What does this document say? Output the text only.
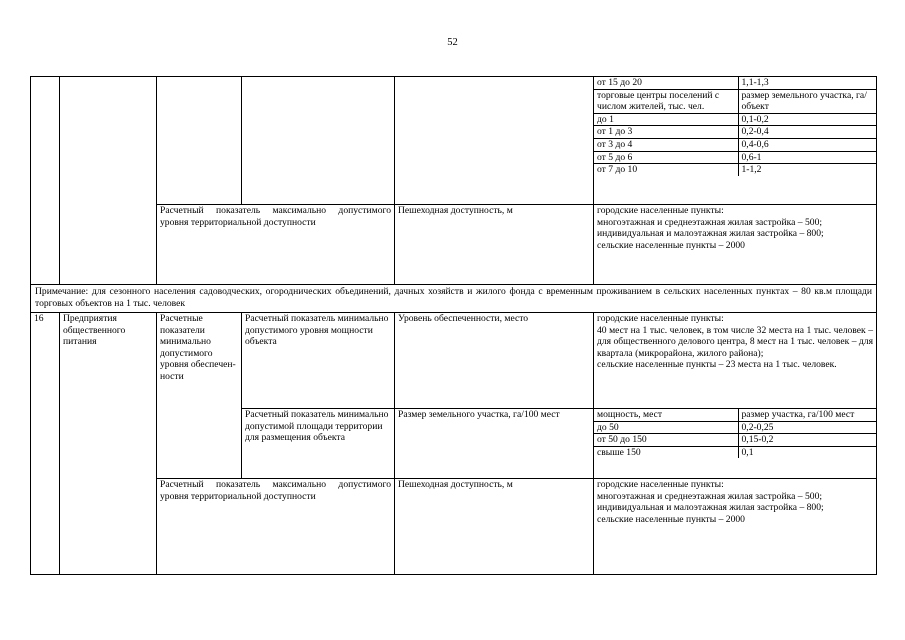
52

от 15 до 20	1,1-1,3
торговые центры поселений с числом жителей, тыс. чел.	размер земельного участка, га/объект
до 1	0,1-0,2
от 1 до 3	0,2-0,4
от 3 до 4	0,4-0,6
от 5 до 6	0,6-1
от 7 до 10	1-1,2

Расчетный показатель максимально допустимого уровня территориальной доступности	Пешеходная доступность, м	городские населенные пункты:
многоэтажная и среднеэтажная жилая застройка – 500;
индивидуальная и малоэтажная жилая застройка – 800;
сельские населенные пункты – 2000

Примечание: для сезонного населения садоводческих, огороднических объединений, дачных хозяйств и жилого фонда с временным проживанием в сельских населенных пунктах – 80 кв.м площади торговых объектов на 1 тыс. человек
16	Предприятия общественного питания	Расчетные показатели минимально допустимого уровня обеспечен-ности	Расчетный показатель минимально допустимого уровня мощности объекта	Уровень обеспеченности, место	городские населенные пункты:
40 мест на 1 тыс. человек, в том числе 32 места на 1 тыс. человек – для общественного делового центра, 8 мест на 1 тыс. человек – для квартала (микрорайона, жилого района);
сельские населенные пункты – 23 места на 1 тыс. человек.

Расчетный показатель минимально допустимой площади территории для размещения объекта	Размер земельного участка, га/100 мест		мощность, мест	размер участка, га/100 мест
до 50	0,2-0,25
от 50 до 150	0,15-0,2
свыше 150	0,1

Расчетный показатель максимально допустимого уровня территориальной доступности	Пешеходная доступность, м	городские населенные пункты:
многоэтажная и среднеэтажная жилая застройка – 500;
индивидуальная и малоэтажная жилая застройка – 800;
сельские населенные пункты – 2000
